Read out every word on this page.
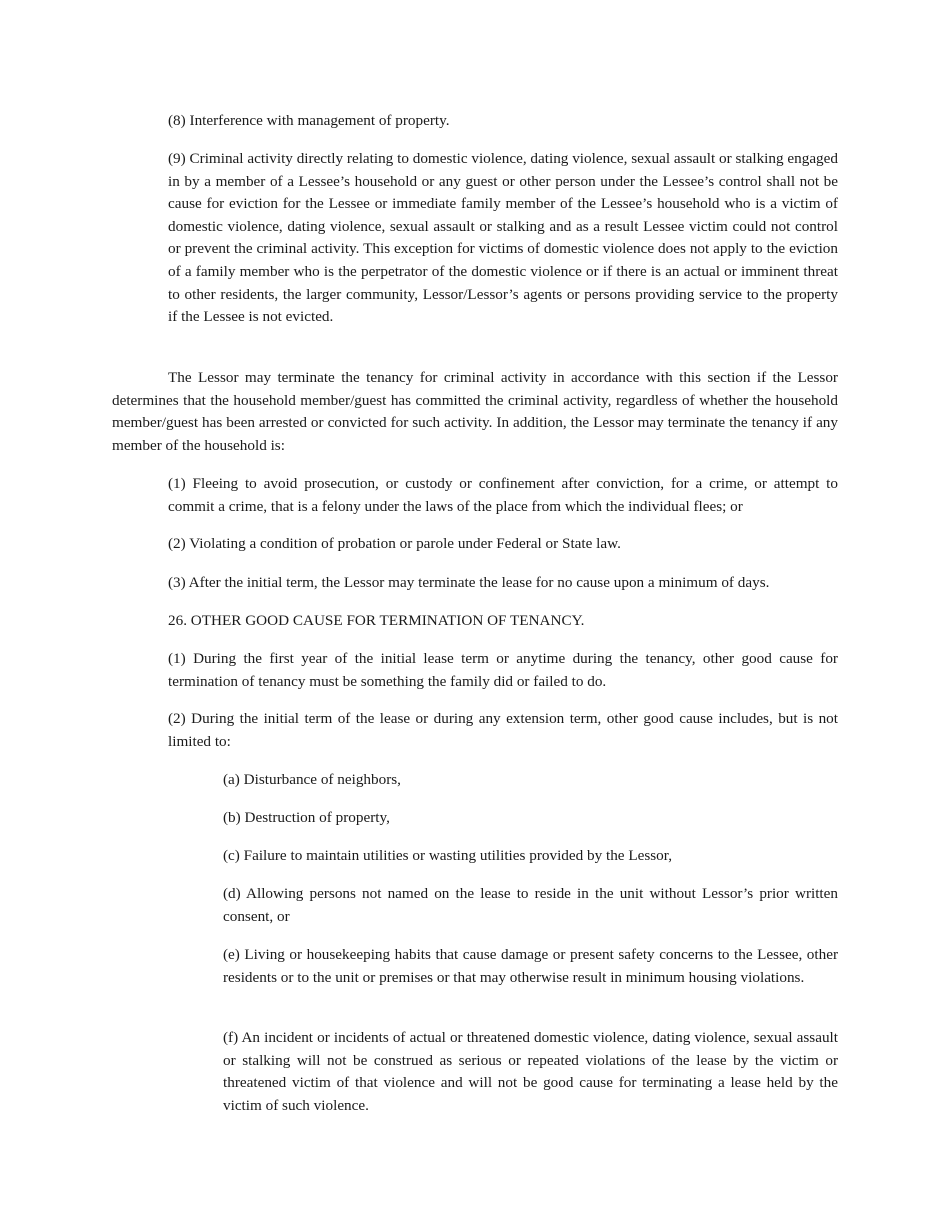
(8) Interference with management of property.

(9) Criminal activity directly relating to domestic violence, dating violence, sexual assault or stalking engaged in by a member of a Lessee’s household or any guest or other person under the Lessee’s control shall not be cause for eviction for the Lessee or immediate family member of the Lessee’s household who is a victim of domestic violence, dating violence, sexual assault or stalking and as a result Lessee victim could not control or prevent the criminal activity. This exception for victims of domestic violence does not apply to the eviction of a family member who is the perpetrator of the domestic violence or if there is an actual or imminent threat to other residents, the larger community, Lessor/Lessor’s agents or persons providing service to the property if the Lessee is not evicted.

The Lessor may terminate the tenancy for criminal activity in accordance with this section if the Lessor determines that the household member/guest has committed the criminal activity, regardless of whether the household member/guest has been arrested or convicted for such activity. In addition, the Lessor may terminate the tenancy if any member of the household is:

(1) Fleeing to avoid prosecution, or custody or confinement after conviction, for a crime, or attempt to commit a crime, that is a felony under the laws of the place from which the individual flees; or

(2) Violating a condition of probation or parole under Federal or State law.

(3) After the initial term, the Lessor may terminate the lease for no cause upon a minimum of days.

26. OTHER GOOD CAUSE FOR TERMINATION OF TENANCY.

(1) During the first year of the initial lease term or anytime during the tenancy, other good cause for termination of tenancy must be something the family did or failed to do.

(2) During the initial term of the lease or during any extension term, other good cause includes, but is not limited to:

(a) Disturbance of neighbors,

(b) Destruction of property,

(c) Failure to maintain utilities or wasting utilities provided by the Lessor,

(d) Allowing persons not named on the lease to reside in the unit without Lessor’s prior written consent, or

(e) Living or housekeeping habits that cause damage or present safety concerns to the Lessee, other residents or to the unit or premises or that may otherwise result in minimum housing violations.

(f) An incident or incidents of actual or threatened domestic violence, dating violence, sexual assault or stalking will not be construed as serious or repeated violations of the lease by the victim or threatened victim of that violence and will not be good cause for terminating a lease held by the victim of such violence.
